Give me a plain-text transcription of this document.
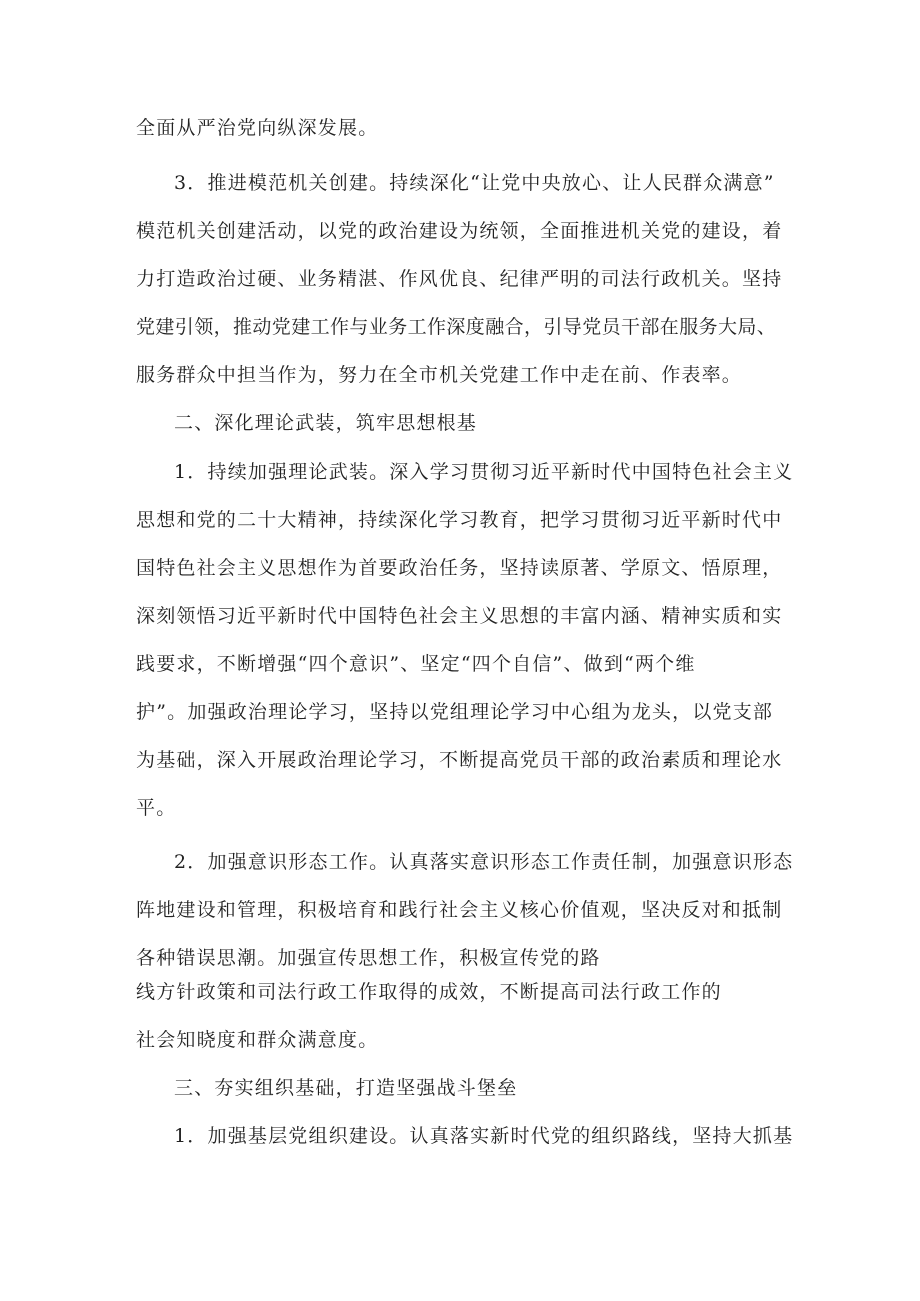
全面从严治党向纵深发展。
3．推进模范机关创建。持续深化“让党中央放心、让人民群众满意”
模范机关创建活动，以党的政治建设为统领，全面推进机关党的建设，着
力打造政治过硬、业务精湛、作风优良、纪律严明的司法行政机关。坚持
党建引领，推动党建工作与业务工作深度融合，引导党员干部在服务大局、
服务群众中担当作为，努力在全市机关党建工作中走在前、作表率。
二、深化理论武装，筑牢思想根基
1．持续加强理论武装。深入学习贯彻习近平新时代中国特色社会主义
思想和党的二十大精神，持续深化学习教育，把学习贯彻习近平新时代中
国特色社会主义思想作为首要政治任务，坚持读原著、学原文、悟原理，
深刻领悟习近平新时代中国特色社会主义思想的丰富内涵、精神实质和实
践要求，不断增强“四个意识”、坚定“四个自信”、做到“两个维
护”。加强政治理论学习，坚持以党组理论学习中心组为龙头，以党支部
为基础，深入开展政治理论学习，不断提高党员干部的政治素质和理论水
平。
2．加强意识形态工作。认真落实意识形态工作责任制，加强意识形态
阵地建设和管理，积极培育和践行社会主义核心价值观，坚决反对和抵制
各种错误思潮。加强宣传思想工作，积极宣传党的路
线方针政策和司法行政工作取得的成效，不断提高司法行政工作的
社会知晓度和群众满意度。
三、夯实组织基础，打造坚强战斗堡垒
1．加强基层党组织建设。认真落实新时代党的组织路线，坚持大抓基
